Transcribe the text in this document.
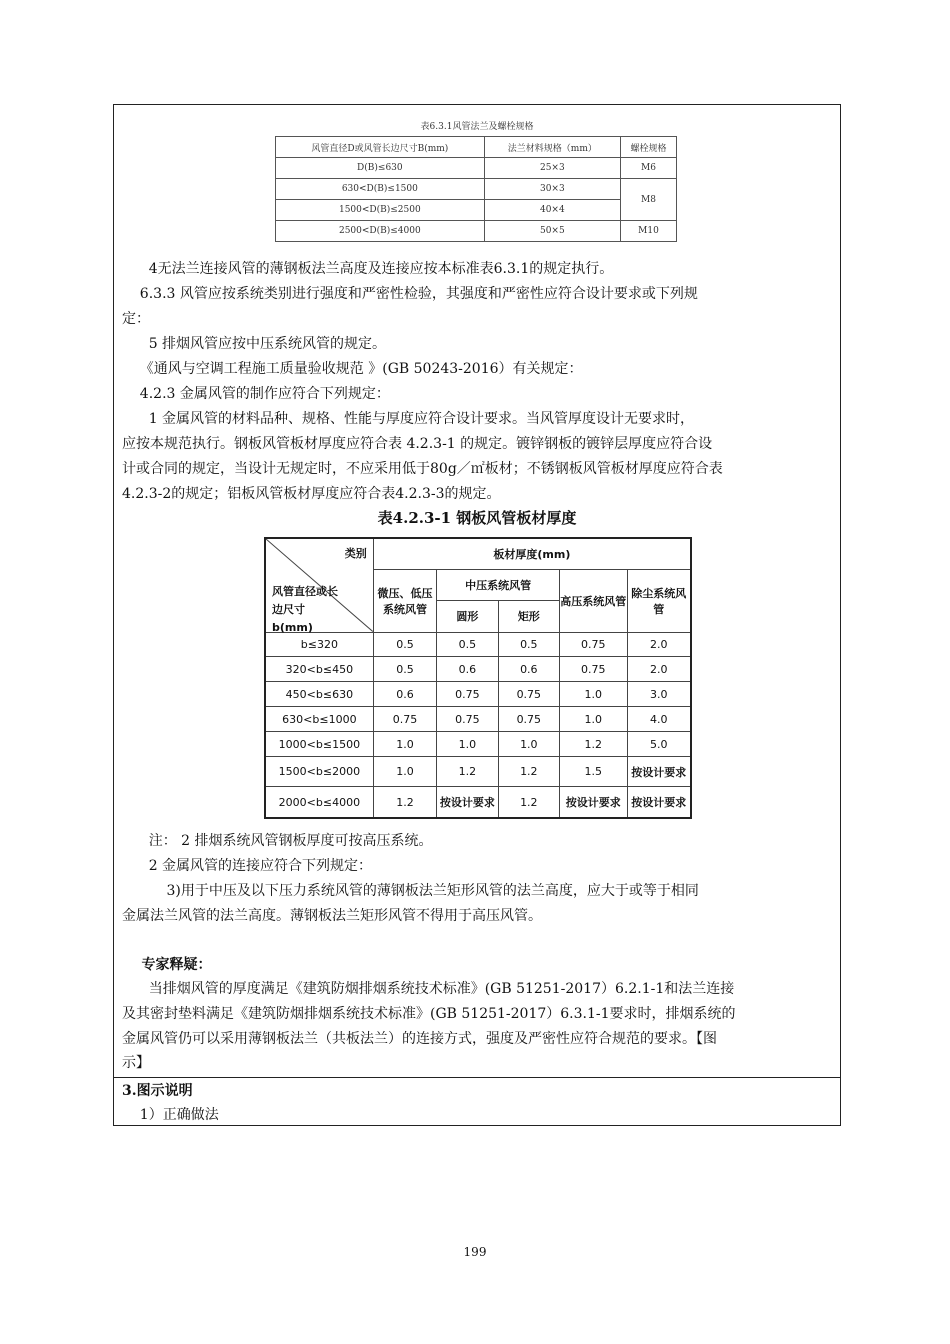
表6.3.1风管法兰及螺栓规格
风管直径D或风管长边尺寸B(mm)	法兰材料规格（mm）	螺栓规格
D(B)≤630	25×3	M6
630<D(B)≤1500	30×3	M8
1500<D(B)≤2500	40×4	
2500<D(B)≤4000	50×5	M10
4无法兰连接风管的薄钢板法兰高度及连接应按本标准表6.3.1的规定执行。
6.3.3 风管应按系统类别进行强度和严密性检验，其强度和严密性应符合设计要求或下列规
定：
5 排烟风管应按中压系统风管的规定。
《通风与空调工程施工质量验收规范 》(GB 50243-2016）有关规定：
4.2.3 金属风管的制作应符合下列规定：
1 金属风管的材料品种、规格、性能与厚度应符合设计要求。当风管厚度设计无要求时，
应按本规范执行。钢板风管板材厚度应符合表 4.2.3-1 的规定。镀锌钢板的镀锌层厚度应符合设
计或合同的规定，当设计无规定时，不应采用低于80g／㎡板材；不锈钢板风管板材厚度应符合表
4.2.3-2的规定；铝板风管板材厚度应符合表4.2.3-3的规定。
表4.2.3-1 钢板风管板材厚度
类别
风管直径或长边尺寸b(mm)	板材厚度(mm)				
	微压、低压系统风管	中压系统风管		高压系统风管	除尘系统风管
		圆形	矩形		
b≤320	0.5	0.5	0.5	0.75	2.0
320<b≤450	0.5	0.6	0.6	0.75	2.0
450<b≤630	0.6	0.75	0.75	1.0	3.0
630<b≤1000	0.75	0.75	0.75	1.0	4.0
1000<b≤1500	1.0	1.0	1.0	1.2	5.0
1500<b≤2000	1.0	1.2	1.2	1.5	按设计要求
2000<b≤4000	1.2	按设计要求	1.2	按设计要求	按设计要求
注： 2 排烟系统风管钢板厚度可按高压系统。
2 金属风管的连接应符合下列规定：
3)用于中压及以下压力系统风管的薄钢板法兰矩形风管的法兰高度，应大于或等于相同
金属法兰风管的法兰高度。薄钢板法兰矩形风管不得用于高压风管。
专家释疑：
当排烟风管的厚度满足《建筑防烟排烟系统技术标准》(GB 51251-2017）6.2.1-1和法兰连接
及其密封垫料满足《建筑防烟排烟系统技术标准》(GB 51251-2017）6.3.1-1要求时，排烟系统的
金属风管仍可以采用薄钢板法兰（共板法兰）的连接方式，强度及严密性应符合规范的要求。【图
示】
3.图示说明
1）正确做法
199
